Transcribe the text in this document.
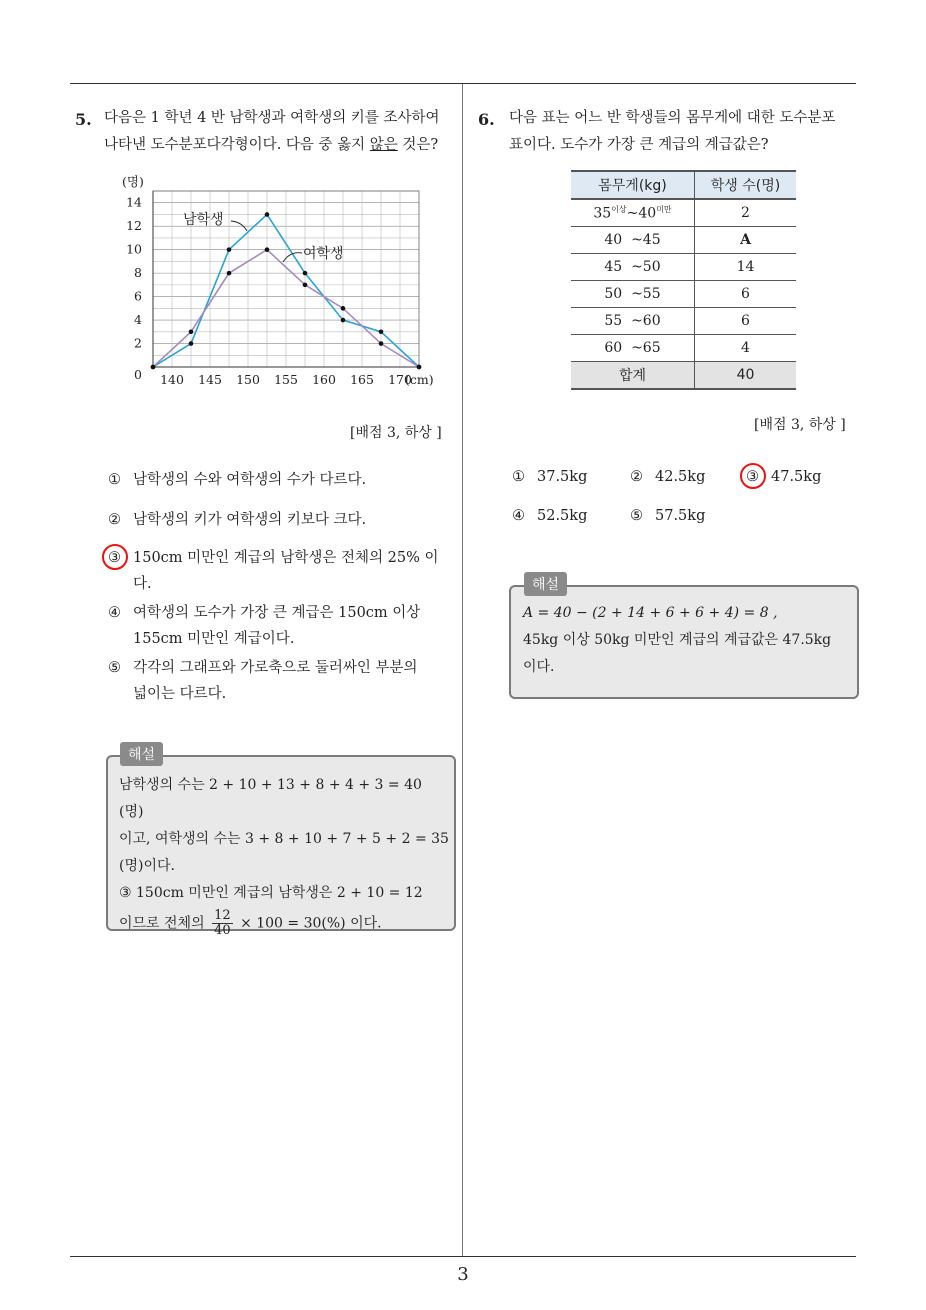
3
5. 다음은 1 학년 4 반 남학생과 여학생의 키를 조사하여
나타낸 도수분포다각형이다. 다음 중 옳지 않은 것은?
0
2
4
6
8
10
12
14
140 145 150 155 160 165 170
(명)
(cm)
남학생
여학생
[배점 3, 하상 ]
① 남학생의 수와 여학생의 수가 다르다.
② 남학생의 키가 여학생의 키보다 크다.
③ 150cm 미만인 계급의 남학생은 전체의 25% 이
다.
④ 여학생의 도수가 가장 큰 계급은 150cm 이상
155cm 미만인 계급이다.
⑤ 각각의 그래프와 가로축으로 둘러싸인 부분의
넓이는 다르다.
해설
남학생의 수는 2 + 10 + 13 + 8 + 4 + 3 = 40 (명)
이고, 여학생의 수는 3 + 8 + 10 + 7 + 5 + 2 = 35
(명)이다.
③ 150cm 미만인 계급의 남학생은 2 + 10 = 12
이므로 전체의 $\frac{12}{40} \times 100 = 30(\%)$ 이다.
6. 다음 표는 어느 반 학생들의 몸무게에 대한 도수분포
표이다. 도수가 가장 큰 계급의 계급값은?
몸무게(kg)	학생 수(명)
$35^{이상}\sim 40^{미만}$	2
40  ~45	A
45  ~50	14
50  ~55	6
55  ~60	6
60  ~65	4
합계	40
[배점 3, 하상 ]
① 37.5kg	② 42.5kg	③ 47.5kg
④ 52.5kg	⑤ 57.5kg
해설
A = 40 − (2 + 14 + 6 + 6 + 4) = 8 ,
45kg 이상 50kg 미만인 계급의 계급값은 47.5kg
이다.
